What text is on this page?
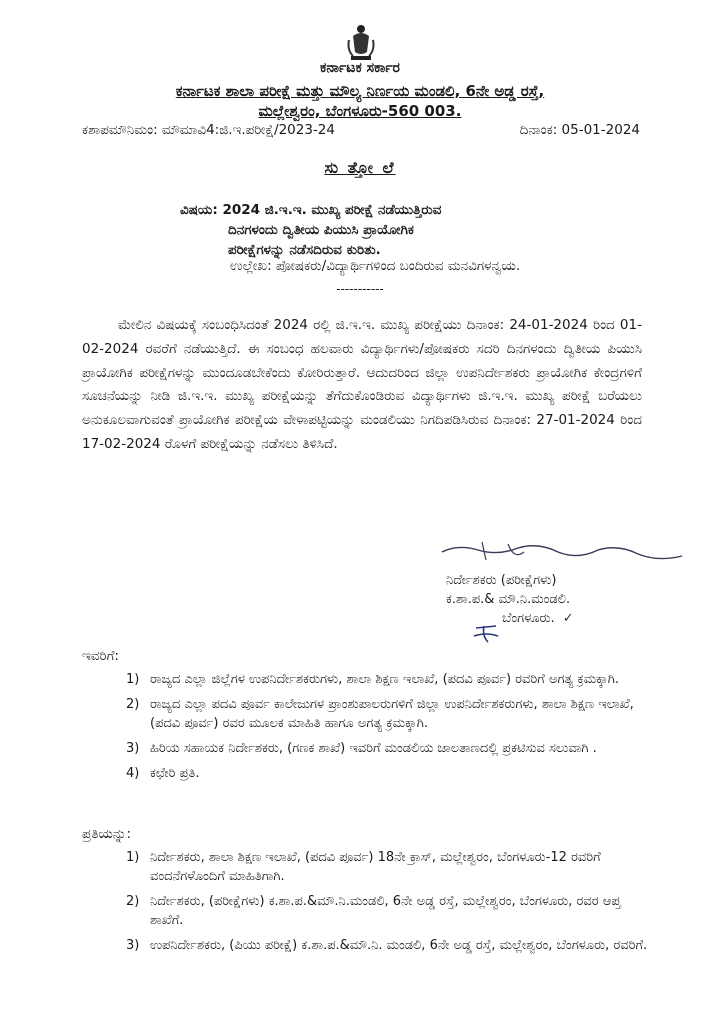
ಕರ್ನಾಟಕ ಸರ್ಕಾರ
ಕರ್ನಾಟಕ ಶಾಲಾ ಪರೀಕ್ಷೆ ಮತ್ತು ಮೌಲ್ಯ ನಿರ್ಣಯ ಮಂಡಲಿ, 6ನೇ ಅಡ್ಡ ರಸ್ತೆ,
ಮಲ್ಲೇಶ್ವರಂ, ಬೆಂಗಳೂರು-560 003.
ಕಶಾಪಮೌನಿಮಂ: ಮೌಮಾವಿ4:ಜಿ.ಇ.ಪರೀಕ್ಷೆ/2023-24	ದಿನಾಂಕ: 05-01-2024
ಸು ತ್ತೋ ಲೆ
ವಿಷಯ: 2024 ಜಿ.ಇ.ಇ. ಮುಖ್ಯ ಪರೀಕ್ಷೆ ನಡೆಯುತ್ತಿರುವ
ದಿನಗಳಂದು ದ್ವಿತೀಯ ಪಿಯುಸಿ ಪ್ರಾಯೋಗಿಕ
ಪರೀಕ್ಷೆಗಳನ್ನು ನಡೆಸದಿರುವ ಕುರಿತು.
ಉಲ್ಲೇಖ: ಪೋಷಕರು/ವಿದ್ಯಾರ್ಥಿಗಳಿಂದ ಬಂದಿರುವ ಮನವಿಗಳನ್ವಯ.
-----------
ಮೇಲಿನ ವಿಷಯಕ್ಕೆ ಸಂಬಂಧಿಸಿದಂತೆ 2024 ರಲ್ಲಿ ಜಿ.ಇ.ಇ. ಮುಖ್ಯ ಪರೀಕ್ಷೆಯು ದಿನಾಂಕ: 24-01-2024 ರಿಂದ 01-02-2024 ರವರೆಗೆ ನಡೆಯುತ್ತಿದೆ. ಈ ಸಂಬಂಧ ಹಲವಾರು ವಿದ್ಯಾರ್ಥಿಗಳು/ಪೋಷಕರು ಸದರಿ ದಿನಗಳಂದು ದ್ವಿತೀಯ ಪಿಯುಸಿ ಪ್ರಾಯೋಗಿಕ ಪರೀಕ್ಷೆಗಳನ್ನು ಮುಂದೂಡಬೇಕೆಂದು ಕೋರಿರುತ್ತಾರೆ. ಆದುದರಿಂದ ಜಿಲ್ಲಾ ಉಪನಿರ್ದೇಶಕರು ಪ್ರಾಯೋಗಿಕ ಕೇಂದ್ರಗಳಿಗೆ ಸೂಚನೆಯನ್ನು ನೀಡಿ ಜಿ.ಇ.ಇ. ಮುಖ್ಯ ಪರೀಕ್ಷೆಯನ್ನು ತೆಗೆದುಕೊಂಡಿರುವ ವಿದ್ಯಾರ್ಥಿಗಳು ಜಿ.ಇ.ಇ. ಮುಖ್ಯ ಪರೀಕ್ಷೆ ಬರೆಯಲು ಅನುಕೂಲವಾಗುವಂತೆ ಪ್ರಾಯೋಗಿಕ ಪರೀಕ್ಷೆಯ ವೇಳಾಪಟ್ಟಿಯನ್ನು ಮಂಡಲಿಯು ನಿಗದಿಪಡಿಸಿರುವ ದಿನಾಂಕ: 27-01-2024 ರಿಂದ 17-02-2024 ರೊಳಗೆ ಪರೀಕ್ಷೆಯನ್ನು ನಡೆಸಲು ತಿಳಿಸಿದೆ.
ನಿರ್ದೇಶಕರು (ಪರೀಕ್ಷೆಗಳು)
ಕ.ಶಾ.ಪ.& ಮೌ.ನಿ.ಮಂಡಲಿ.
ಬೆಂಗಳೂರು. ✓
ಇವರಿಗೆ:
1) ರಾಜ್ಯದ ಎಲ್ಲಾ ಜಿಲ್ಲೆಗಳ ಉಪನಿರ್ದೇಶಕರುಗಳು, ಶಾಲಾ ಶಿಕ್ಷಣ ಇಲಾಖೆ, (ಪದವಿ ಪೂರ್ವ) ರವರಿಗೆ ಅಗತ್ಯ ಕ್ರಮಕ್ಕಾಗಿ.
2) ರಾಜ್ಯದ ಎಲ್ಲಾ ಪದವಿ ಪೂರ್ವ ಕಾಲೇಜುಗಳ ಪ್ರಾಂಶುಪಾಲರುಗಳಿಗೆ ಜಿಲ್ಲಾ ಉಪನಿರ್ದೇಶಕರುಗಳು, ಶಾಲಾ ಶಿಕ್ಷಣ ಇಲಾಖೆ, (ಪದವಿ ಪೂರ್ವ) ರವರ ಮೂಲಕ ಮಾಹಿತಿ ಹಾಗೂ ಅಗತ್ಯ ಕ್ರಮಕ್ಕಾಗಿ.
3) ಹಿರಿಯ ಸಹಾಯಕ ನಿರ್ದೇಶಕರು, (ಗಣಕ ಶಾಖೆ) ಇವರಿಗೆ ಮಂಡಲಿಯ ಜಾಲತಾಣದಲ್ಲಿ ಪ್ರಕಟಿಸುವ ಸಲುವಾಗಿ .
4) ಕಛೇರಿ ಪ್ರತಿ.
ಪ್ರತಿಯನ್ನು:
1) ನಿರ್ದೇಶಕರು, ಶಾಲಾ ಶಿಕ್ಷಣ ಇಲಾಖೆ, (ಪದವಿ ಪೂರ್ವ) 18ನೇ ಕ್ರಾಸ್, ಮಲ್ಲೇಶ್ವರಂ, ಬೆಂಗಳೂರು-12 ರವರಿಗೆ ವಂದನೆಗಳೊಂದಿಗೆ ಮಾಹಿತಿಗಾಗಿ.
2) ನಿರ್ದೇಶಕರು, (ಪರೀಕ್ಷೆಗಳು) ಕ.ಶಾ.ಪ.&ಮೌ.ನಿ.ಮಂಡಲಿ, 6ನೇ ಅಡ್ಡ ರಸ್ತೆ, ಮಲ್ಲೇಶ್ವರಂ, ಬೆಂಗಳೂರು, ರವರ ಆಪ್ತ ಶಾಖೆಗೆ.
3) ಉಪನಿರ್ದೇಶಕರು, (ಪಿಯು ಪರೀಕ್ಷೆ) ಕ.ಶಾ.ಪ.&ಮೌ.ನಿ. ಮಂಡಲಿ, 6ನೇ ಅಡ್ಡ ರಸ್ತೆ, ಮಲ್ಲೇಶ್ವರಂ, ಬೆಂಗಳೂರು, ರವರಿಗೆ.
